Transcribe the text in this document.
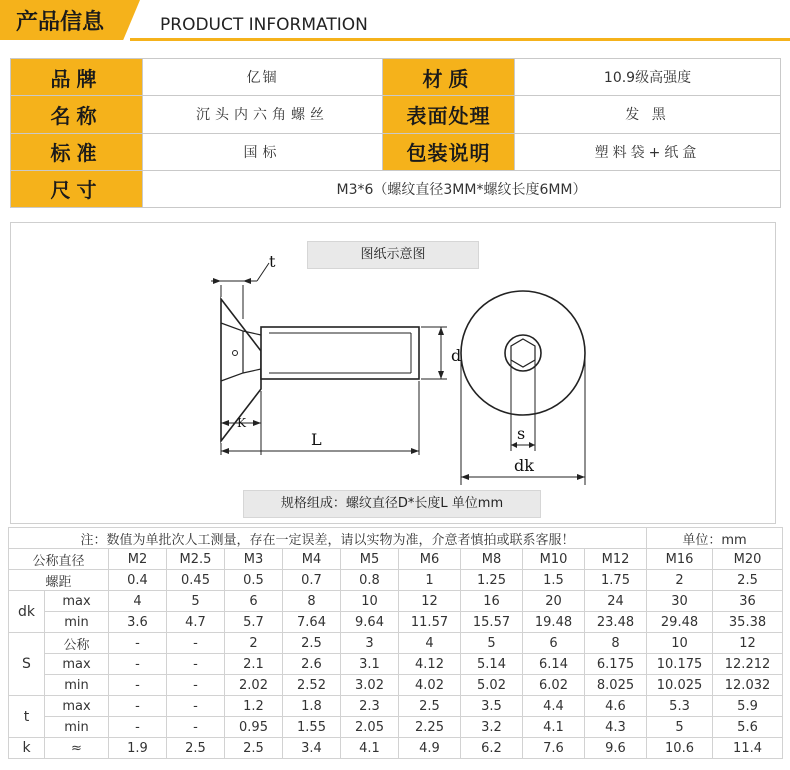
产品信息	PRODUCT INFORMATION
品牌	亿锢	材质	10.9级高强度
名称	沉头内六角螺丝	表面处理	发 黑
标准	国标	包装说明	塑料袋+纸盒
尺寸	M3*6（螺纹直径3MM*螺纹长度6MM）		
图纸示意图
t
d
K
L	s
dk
规格组成：螺纹直径D*长度L 单位mm
注：数值为单批次人工测量，存在一定误差，请以实物为准，介意者慎拍或联系客服！											单位：mm	
公称直径		M2	M2.5	M3	M4	M5	M6	M8	M10	M12	M16	M20
螺距		0.4	0.45	0.5	0.7	0.8	1	1.25	1.5	1.75	2	2.5
dk	max	4	5	6	8	10	12	16	20	24	30	36
	min	3.6	4.7	5.7	7.64	9.64	11.57	15.57	19.48	23.48	29.48	35.38
S	公称	-	-	2	2.5	3	4	5	6	8	10	12
	max	-	-	2.1	2.6	3.1	4.12	5.14	6.14	6.175	10.175	12.212
	min	-	-	2.02	2.52	3.02	4.02	5.02	6.02	8.025	10.025	12.032
t	max	-	-	1.2	1.8	2.3	2.5	3.5	4.4	4.6	5.3	5.9
	min	-	-	0.95	1.55	2.05	2.25	3.2	4.1	4.3	5	5.6
k	≈	1.9	2.5	2.5	3.4	4.1	4.9	6.2	7.6	9.6	10.6	11.4
